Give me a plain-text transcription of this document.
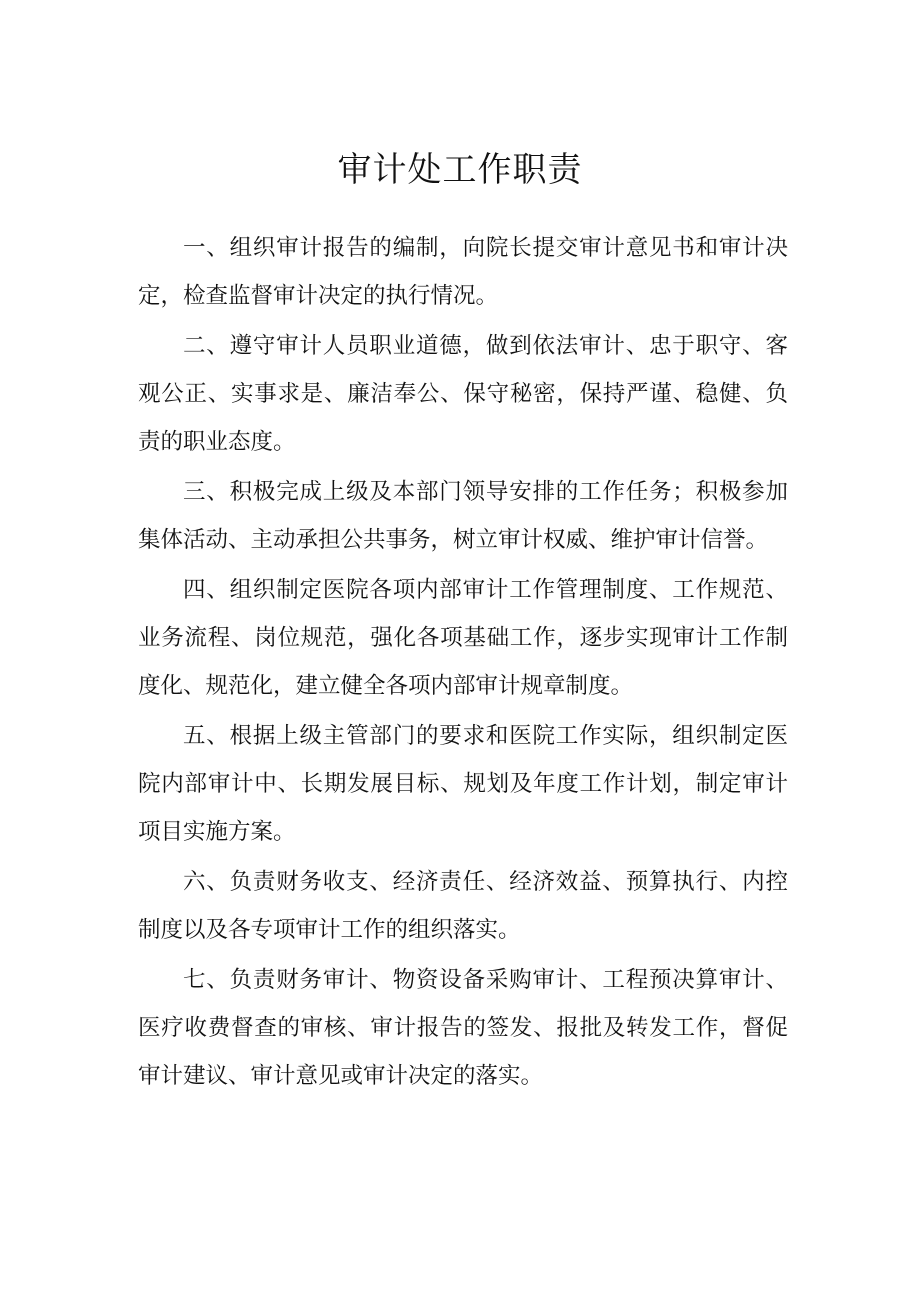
审计处工作职责

一、组织审计报告的编制，向院长提交审计意见书和审计决定，检查监督审计决定的执行情况。

二、遵守审计人员职业道德，做到依法审计、忠于职守、客观公正、实事求是、廉洁奉公、保守秘密，保持严谨、稳健、负责的职业态度。

三、积极完成上级及本部门领导安排的工作任务；积极参加集体活动、主动承担公共事务，树立审计权威、维护审计信誉。

四、组织制定医院各项内部审计工作管理制度、工作规范、业务流程、岗位规范，强化各项基础工作，逐步实现审计工作制度化、规范化，建立健全各项内部审计规章制度。

五、根据上级主管部门的要求和医院工作实际，组织制定医院内部审计中、长期发展目标、规划及年度工作计划，制定审计项目实施方案。

六、负责财务收支、经济责任、经济效益、预算执行、内控制度以及各专项审计工作的组织落实。

七、负责财务审计、物资设备采购审计、工程预决算审计、医疗收费督查的审核、审计报告的签发、报批及转发工作，督促审计建议、审计意见或审计决定的落实。
